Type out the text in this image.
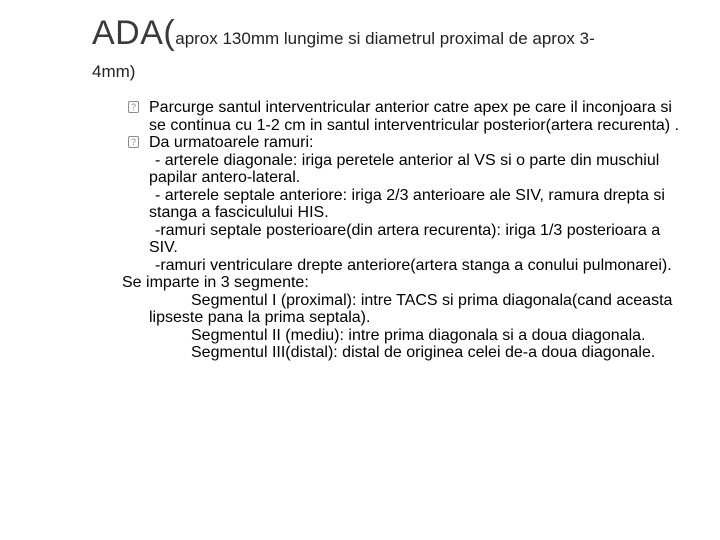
ADA(aprox 130mm lungime si diametrul proximal de aprox 3-
4mm)
? Parcurge santul interventricular anterior catre apex pe care il inconjoara si se continua cu 1-2 cm in santul interventricular posterior(artera recurenta) .

? Da urmatoarele ramuri:

- arterele diagonale: iriga peretele anterior al VS si o parte din muschiul papilar antero-lateral.

- arterele septale anteriore: iriga 2/3 anterioare ale SIV, ramura drepta si stanga a fasciculului HIS.

-ramuri septale posterioare(din artera recurenta): iriga 1/3 posterioara a SIV.

-ramuri ventriculare drepte anteriore(artera stanga a conului pulmonarei).

Se imparte in 3 segmente:

Segmentul I (proximal): intre TACS si prima diagonala(cand aceasta lipseste pana la prima septala).

Segmentul II (mediu): intre prima diagonala si a doua diagonala.

Segmentul III(distal): distal de originea celei de-a doua diagonale.
